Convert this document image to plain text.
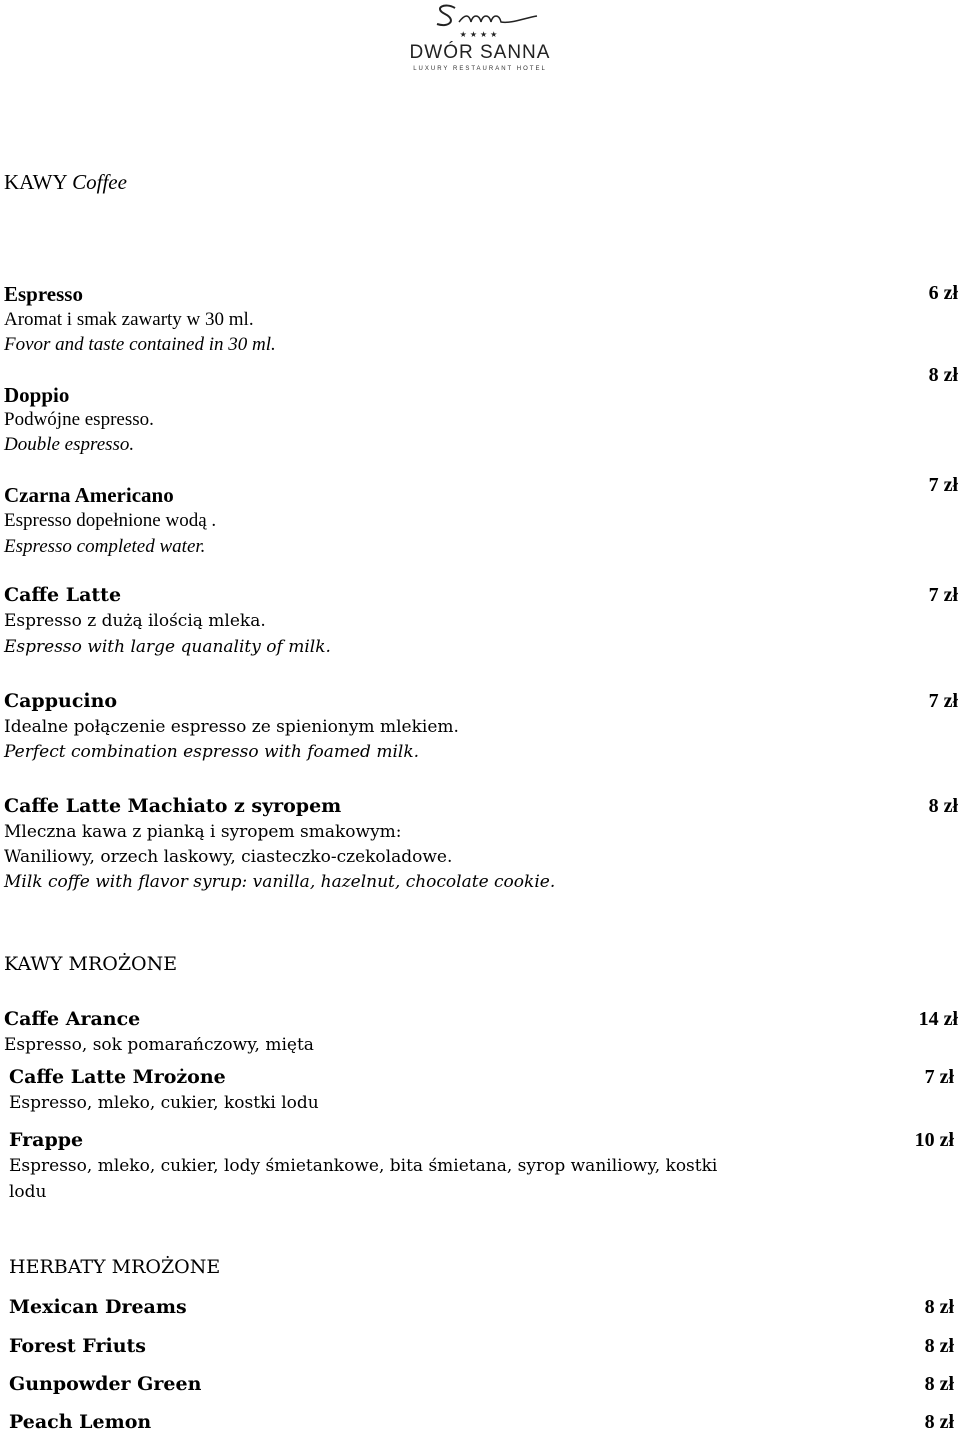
★★★★
DWÓR SANNA
LUXURY RESTAURANT HOTEL
KAWY Coffee
Espresso
Aromat i smak zawarty w 30 ml.
Fovor and taste contained in 30 ml.
6 zł
Doppio
Podwójne espresso.
Double espresso.
8 zł
Czarna Americano
Espresso dopełnione wodą .
Espresso completed water.
7 zł
Caffe Latte
Espresso z dużą ilością mleka.
Espresso with large quanality of milk.
7 zł
Cappucino
Idealne połączenie espresso ze spienionym mlekiem.
Perfect combination espresso with foamed milk.
7 zł
Caffe Latte Machiato z syropem
Mleczna kawa z pianką i syropem smakowym:
Waniliowy, orzech laskowy, ciasteczko-czekoladowe.
Milk coffe with flavor syrup: vanilla, hazelnut, chocolate cookie.
8 zł
KAWY MROŻONE
Caffe Arance
Espresso, sok pomarańczowy, mięta
14 zł
Caffe Latte Mrożone
Espresso, mleko, cukier, kostki lodu
7 zł
Frappe
Espresso, mleko, cukier, lody śmietankowe, bita śmietana, syrop waniliowy, kostki
lodu
10 zł
HERBATY MROŻONE
Mexican Dreams	8 zł
Forest Friuts	8 zł
Gunpowder Green	8 zł
Peach Lemon	8 zł
